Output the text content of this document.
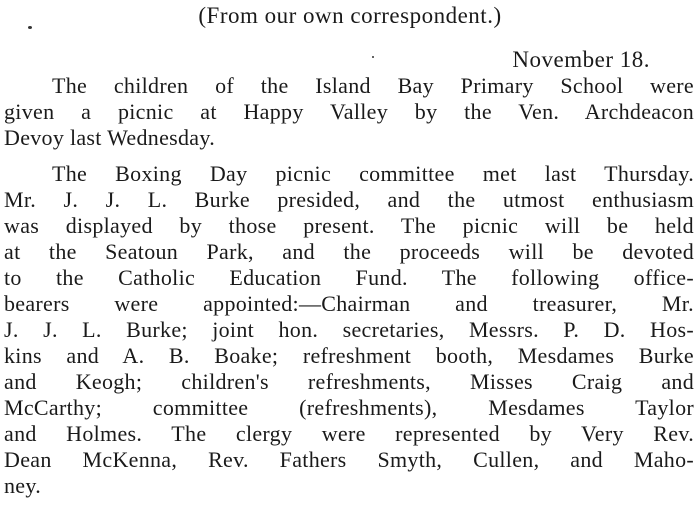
(From our own correspondent.)
November 18.
The children of the Island Bay Primary School were
given a picnic at Happy Valley by the Ven. Archdeacon
Devoy last Wednesday.
The Boxing Day picnic committee met last Thursday.
Mr. J. J. L. Burke presided, and the utmost enthusiasm
was displayed by those present. The picnic will be held
at the Seatoun Park, and the proceeds will be devoted
to the Catholic Education Fund. The following office-
bearers were appointed:—Chairman and treasurer, Mr.
J. J. L. Burke; joint hon. secretaries, Messrs. P. D. Hos-
kins and A. B. Boake; refreshment booth, Mesdames Burke
and Keogh; children's refreshments, Misses Craig and
McCarthy; committee (refreshments), Mesdames Taylor
and Holmes. The clergy were represented by Very Rev.
Dean McKenna, Rev. Fathers Smyth, Cullen, and Maho-
ney.
